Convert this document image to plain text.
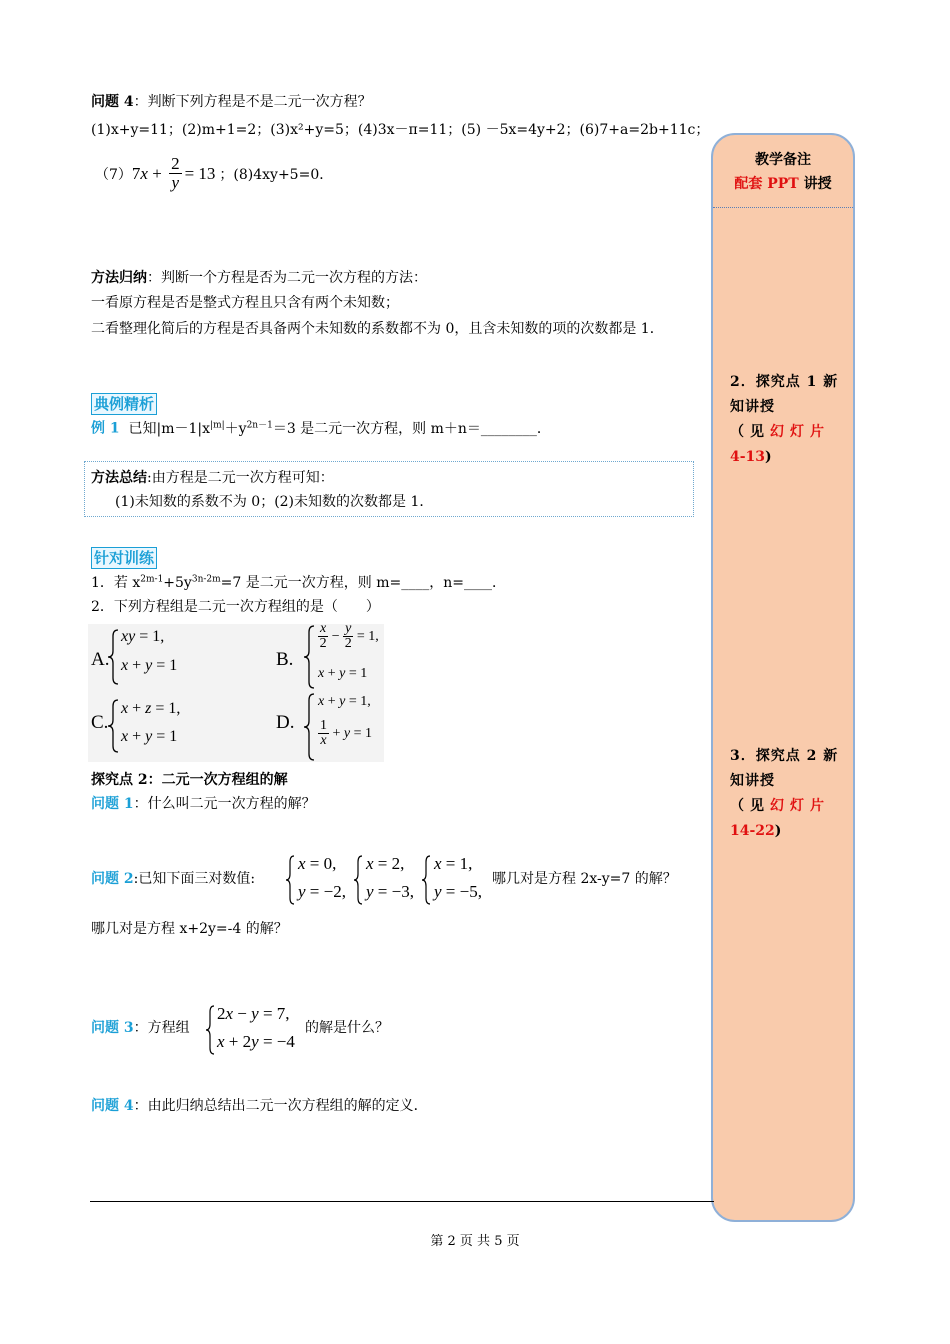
问题 4：判断下列方程是不是二元一次方程？
(1)x+y=11；(2)m+1=2；(3)x²+y=5；(4)3x－π=11；(5) －5x=4y+2；(6)7+a=2b+11c；
（7） 7 $x + \frac{2}{y} = 13$ ；(8)4xy+5=0．
方法归纳：判断一个方程是否为二元一次方程的方法：
一看原方程是否是整式方程且只含有两个未知数；
二看整理化简后的方程是否具备两个未知数的系数都不为 0，且含未知数的项的次数都是 1．
典例精析
例 1  已知$|m-1|x^{|m|}+y^{2n-1}=3$ 是二元一次方程，则 m＋n＝________．
方法总结:由方程是二元一次方程可知：
(1)未知数的系数不为 0；(2)未知数的次数都是 1．
针对训练
1．若 $x^{2m-1}+5y^{3n-2m}=7$ 是二元一次方程，则 m=____，n=____．
2．下列方程组是二元一次方程组的是（　　）
A.	B.
C.	D.
xy = 1,
x + y = 1
$\frac{x}{2} - \frac{y}{2} = 1$,
x + y = 1
x + z = 1,
x + y = 1
x + y = 1,
$\frac{1}{x} + y = 1$
探究点 2：二元一次方程组的解
问题 1：什么叫二元一次方程的解？
问题 2:已知下面三对数值:
x = 0,
y = −2,
x = 2,
y = −3,
x = 1,
y = −5,
哪几对是方程 2x-y=7 的解？
哪几对是方程 x+2y=-4 的解？
问题 3：方程组
2x − y = 7,
x + 2y = −4
的解是什么？
问题 4：由此归纳总结出二元一次方程组的解的定义．
教学备注
配套 PPT 讲授
2．探究点 1 新知讲授
（见幻灯片
4-13)
3．探究点 2 新知讲授
（见幻灯片
14-22)
第 2 页 共 5 页
